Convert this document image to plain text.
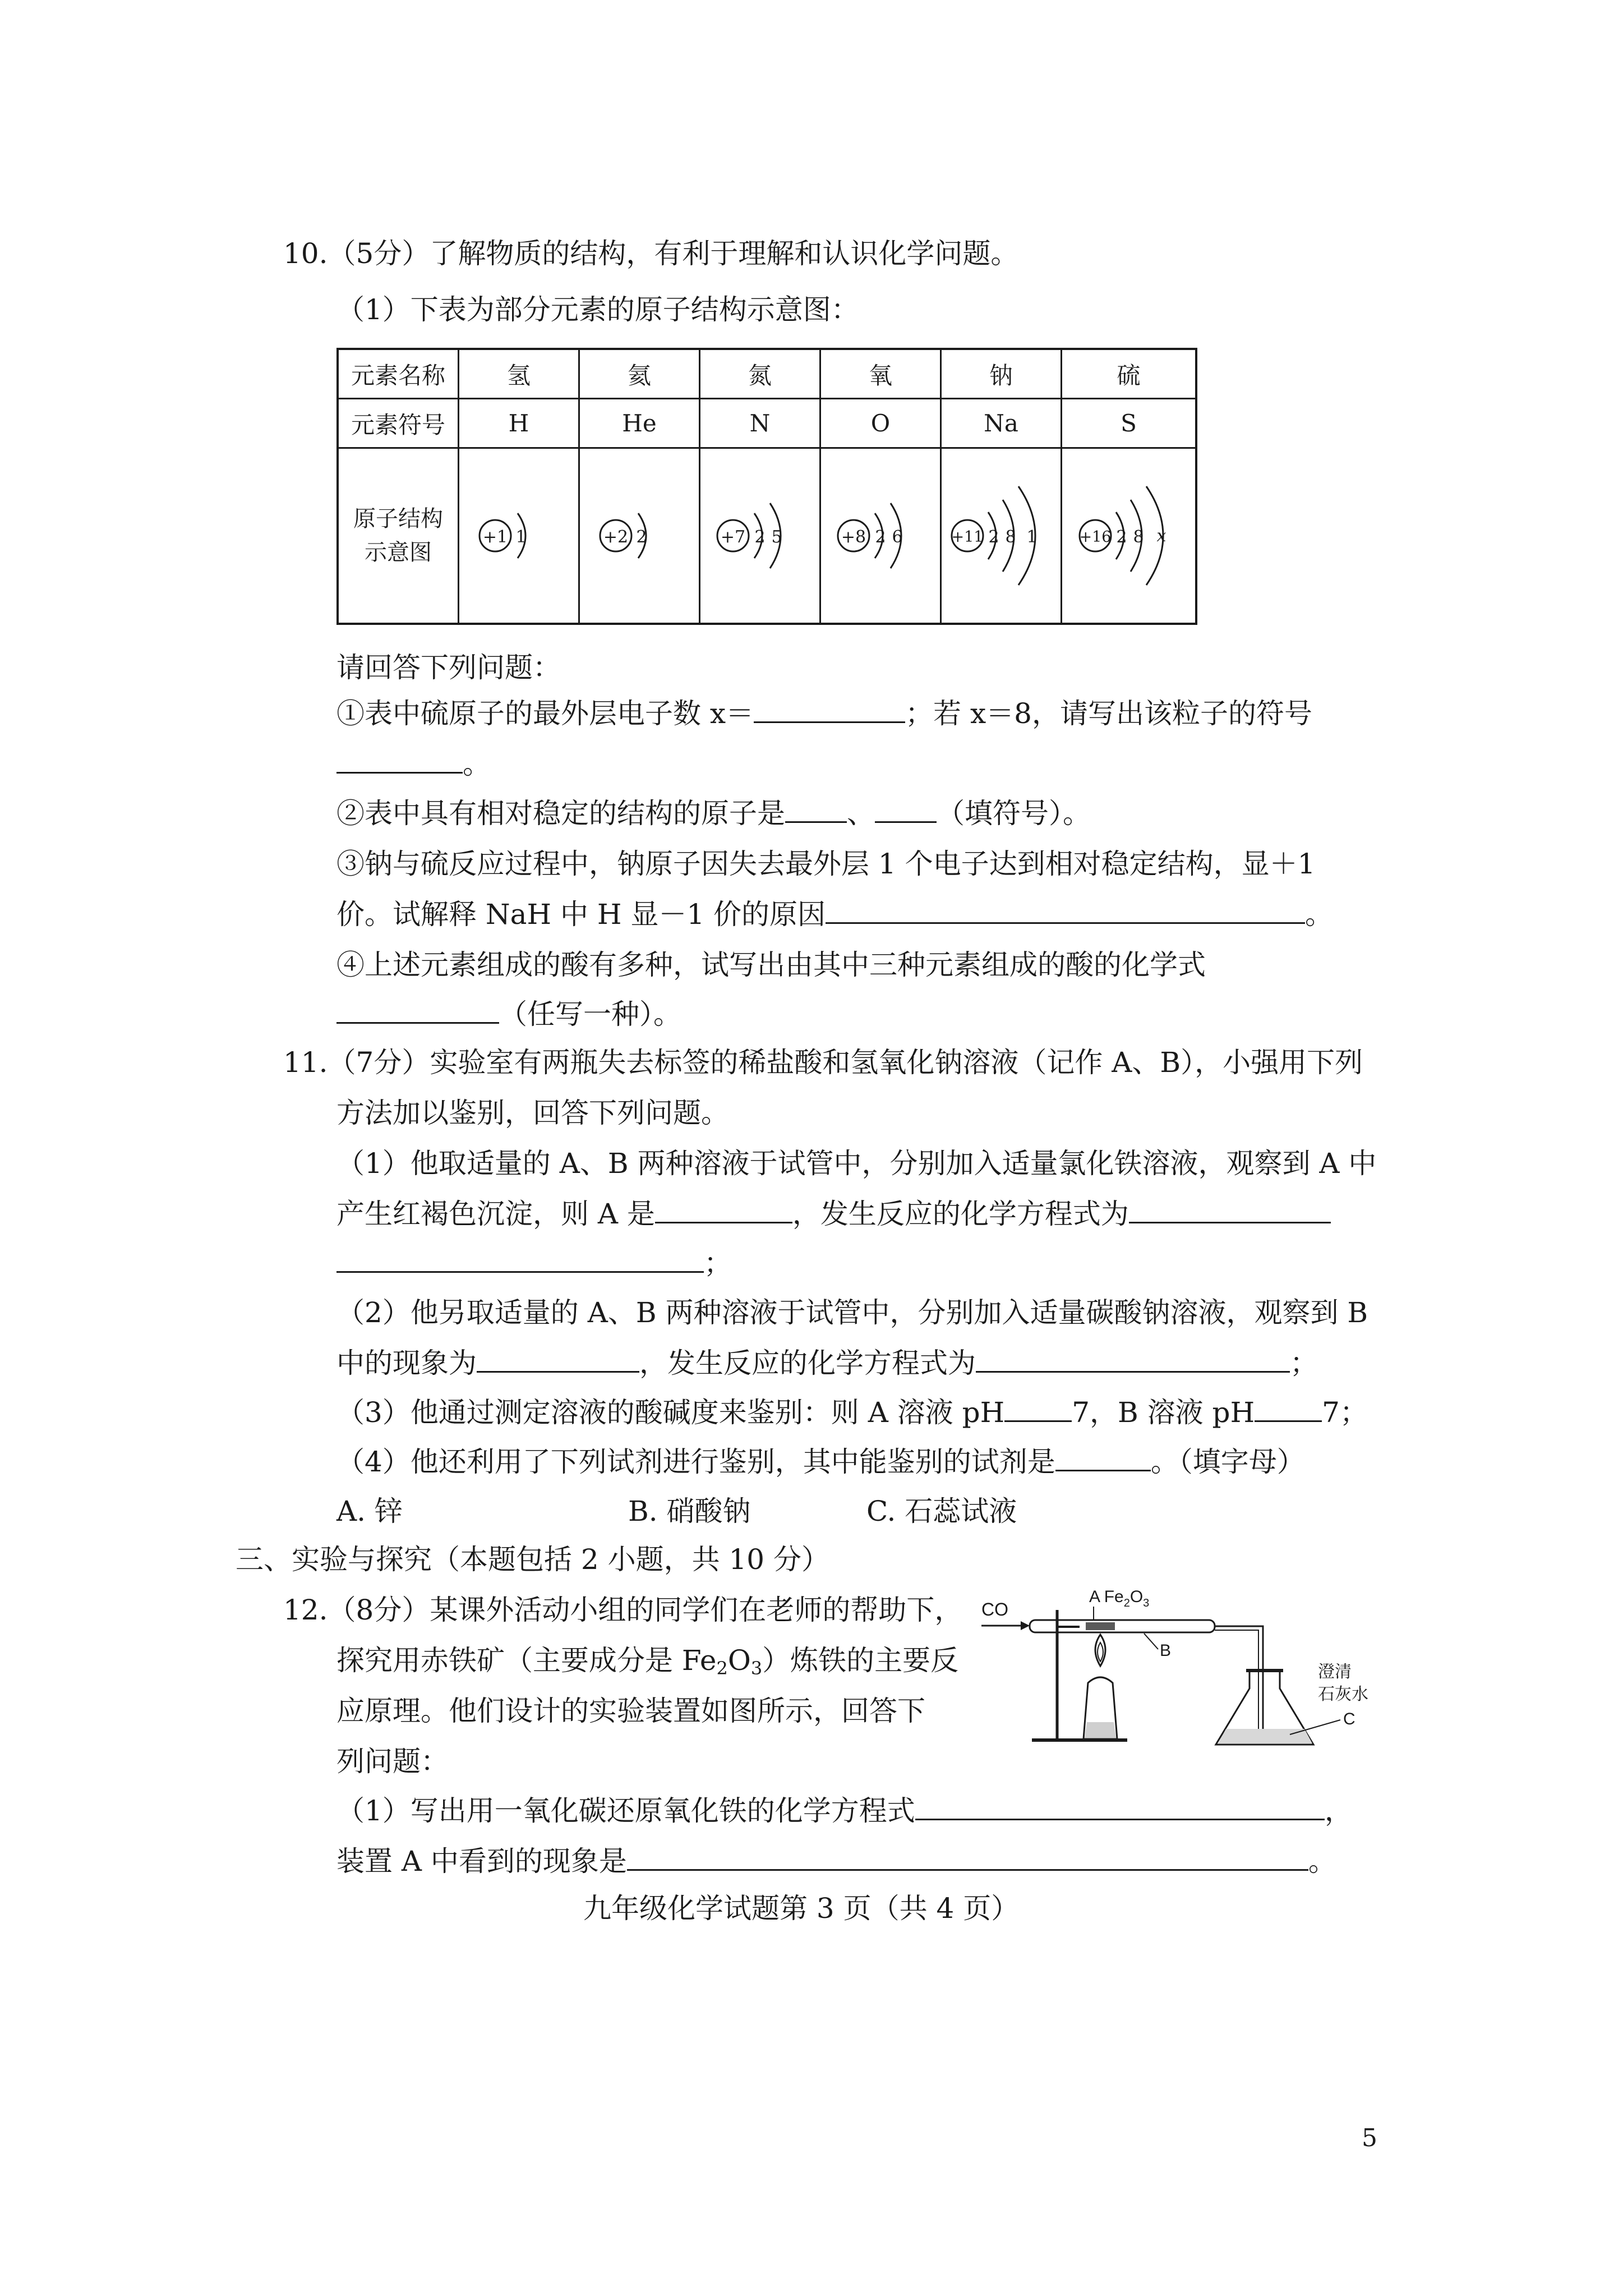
10.（5分）了解物质的结构，有利于理解和认识化学问题。
（1）下表为部分元素的原子结构示意图：
元素名称	氢	氦	氮	氧	钠	硫
元素符号	H	He	N	O	Na	S
原子结构
示意图
+1 1	+2 2	+7 2 5	+8 2 6	+11 2 8 1	+16 2 8 x
请回答下列问题：
①表中硫原子的最外层电子数 x＝	；若 x＝8，请写出该粒子的符号
。
②表中具有相对稳定的结构的原子是 、 （填符号）。
③钠与硫反应过程中，钠原子因失去最外层 1 个电子达到相对稳定结构，显＋1
价。试解释 NaH 中 H 显－1 价的原因	。
④上述元素组成的酸有多种，试写出由其中三种元素组成的酸的化学式
（任写一种）。
11.（7分）实验室有两瓶失去标签的稀盐酸和氢氧化钠溶液（记作 A、B），小强用下列
方法加以鉴别，回答下列问题。
（1）他取适量的 A、B 两种溶液于试管中，分别加入适量氯化铁溶液，观察到 A 中
产生红褐色沉淀，则 A 是	，发生反应的化学方程式为
；
（2）他另取适量的 A、B 两种溶液于试管中，分别加入适量碳酸钠溶液，观察到 B
中的现象为	，发生反应的化学方程式为	；
（3）他通过测定溶液的酸碱度来鉴别：则 A 溶液 pH 7，B 溶液 pH 7；
（4）他还利用了下列试剂进行鉴别，其中能鉴别的试剂是	。（填字母）
A. 锌	B. 硝酸钠	C. 石蕊试液
三、实验与探究（本题包括 2 小题，共 10 分）
12.（8分）某课外活动小组的同学们在老师的帮助下，
探究用赤铁矿（主要成分是 $Fe_2O_3$）炼铁的主要反
应原理。他们设计的实验装置如图所示，回答下
列问题：
CO
A $Fe_2O_3$
B
澄清
石灰水
C
（1）写出用一氧化碳还原氧化铁的化学方程式	，
装置 A 中看到的现象是	。
九年级化学试题第 3 页（共 4 页）
5
